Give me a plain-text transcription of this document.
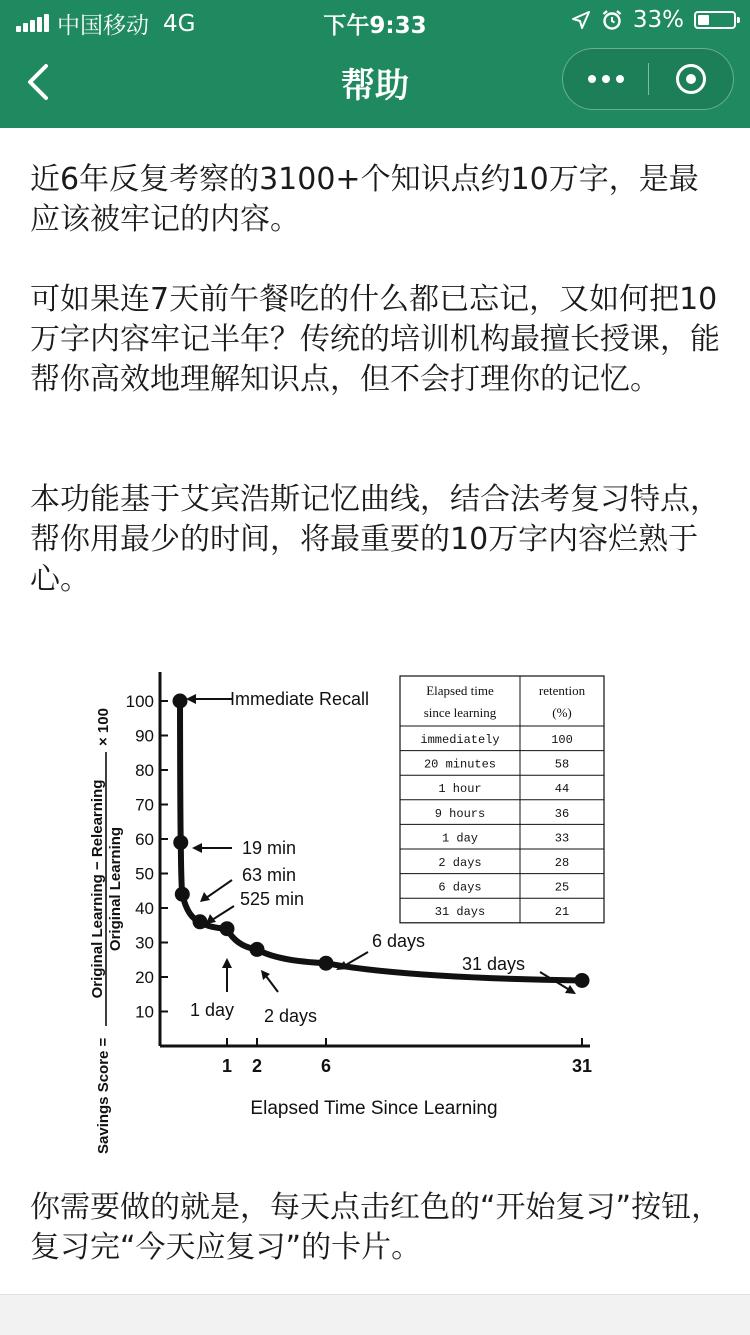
中国移动 4G	下午9:33	33%
帮助

近6年反复考察的3100+个知识点约10万字，是最应该被牢记的内容。

可如果连7天前午餐吃的什么都已忘记，又如何把10万字内容牢记半年？传统的培训机构最擅长授课，能帮你高效地理解知识点，但不会打理你的记忆。

本功能基于艾宾浩斯记忆曲线，结合法考复习特点，帮你用最少的时间，将最重要的10万字内容烂熟于心。

Savings Score =
Original Learning − Relearning Original Learning
× 100
10
20
30
40
50
60
70
80
90
100
1 2	6	31
Elapsed Time Since Learning
Immediate Recall
19 min
63 min
525 min
1 day 2 days
6 days
31 days
Elapsed time
since learning
retention
(%)
immediately	100
20 minutes	58
1 hour	44
9 hours	36
1 day	33
2 days	28
6 days	25
31 days	21

你需要做的就是，每天点击红色的“开始复习”按钮，复习完“今天应复习”的卡片。
